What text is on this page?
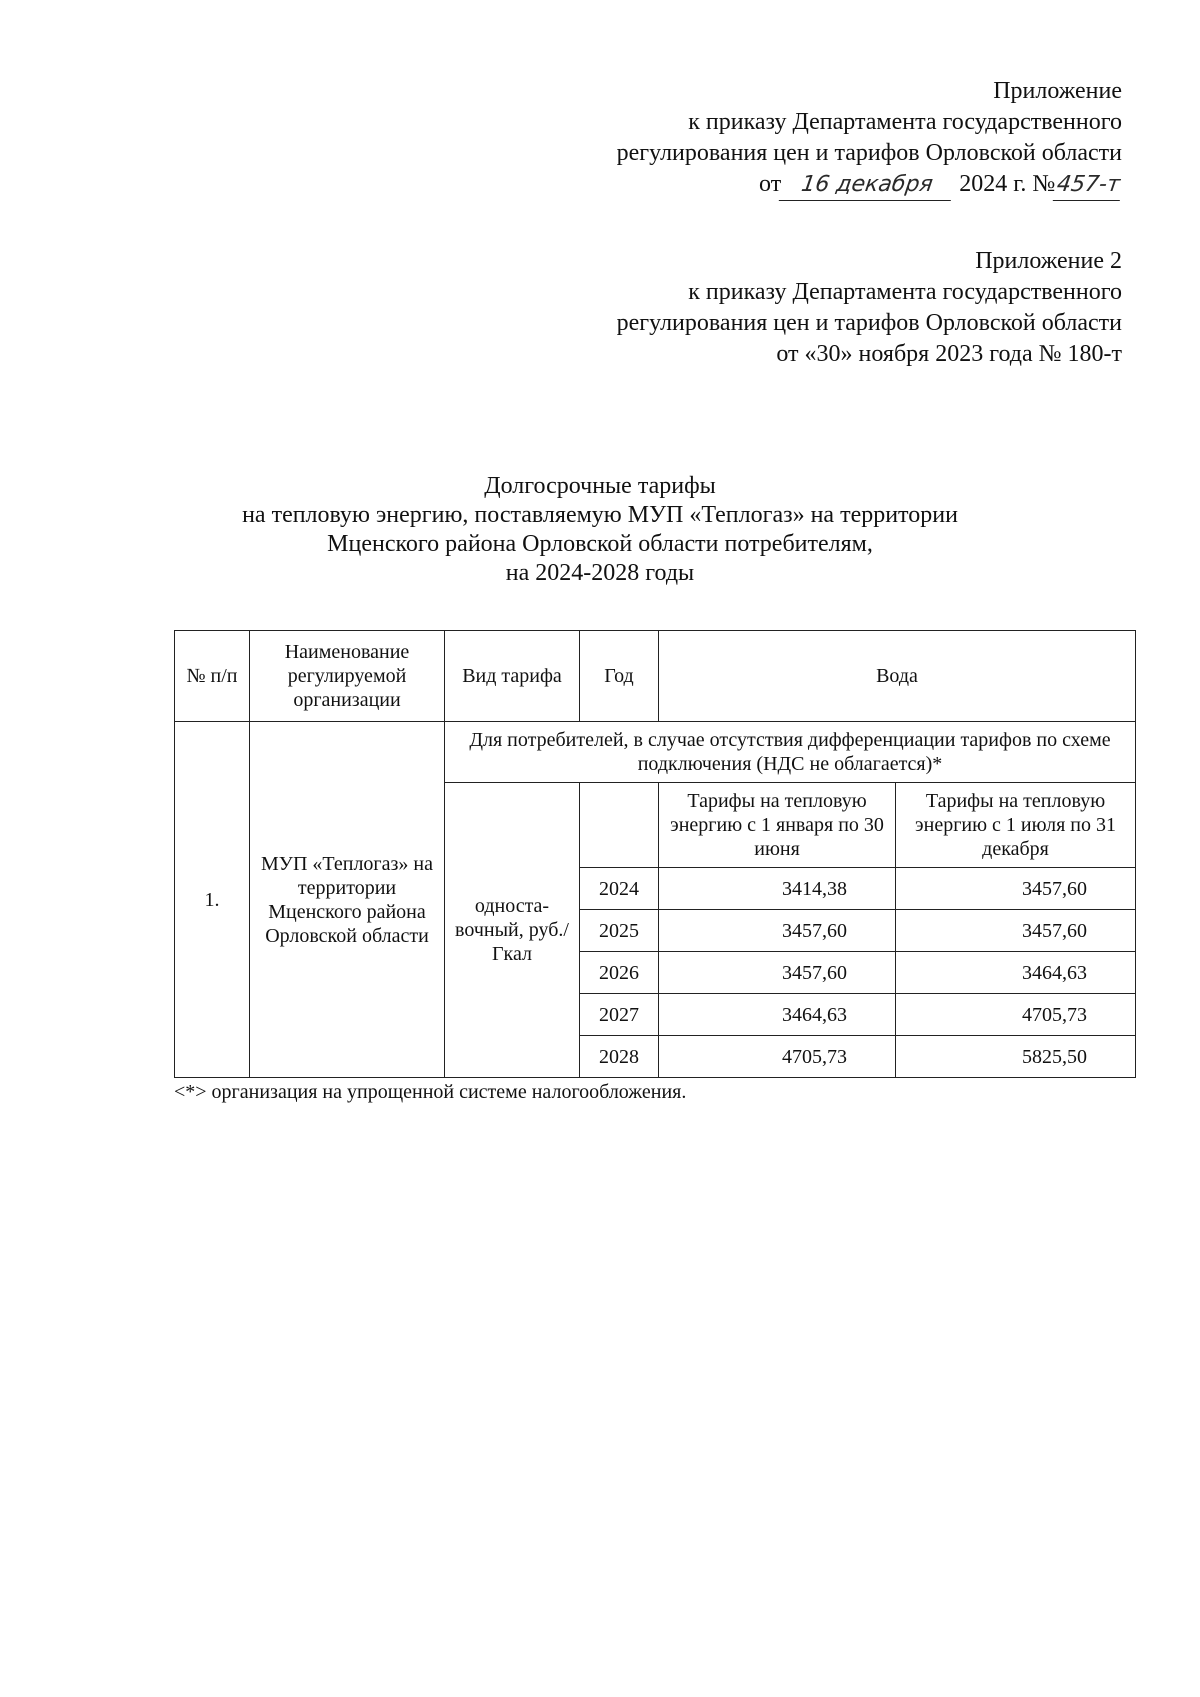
Приложение
к приказу Департамента государственного
регулирования цен и тарифов Орловской области
от 16 декабря 2024 г. №457-т
Приложение 2
к приказу Департамента государственного
регулирования цен и тарифов Орловской области
от «30» ноября 2023 года № 180-т
Долгосрочные тарифы
на тепловую энергию, поставляемую МУП «Теплогаз» на территории
Мценского района Орловской области потребителям,
на 2024-2028 годы
№ п/п	Наименование регулируемой организации	Вид тарифа	Год	Вода	
1.	МУП «Теплогаз» на территории Мценского района Орловской области	Для потребителей, в случае отсутствия дифференциации тарифов по схеме подключения (НДС не облагается)*			
		односта-вочный, руб./Гкал		Тарифы на тепловую энергию с 1 января по 30 июня	Тарифы на тепловую энергию с 1 июля по 31 декабря
			2024	3414,38	3457,60
			2025	3457,60	3457,60
			2026	3457,60	3464,63
			2027	3464,63	4705,73
			2028	4705,73	5825,50
<*> организация на упрощенной системе налогообложения.
